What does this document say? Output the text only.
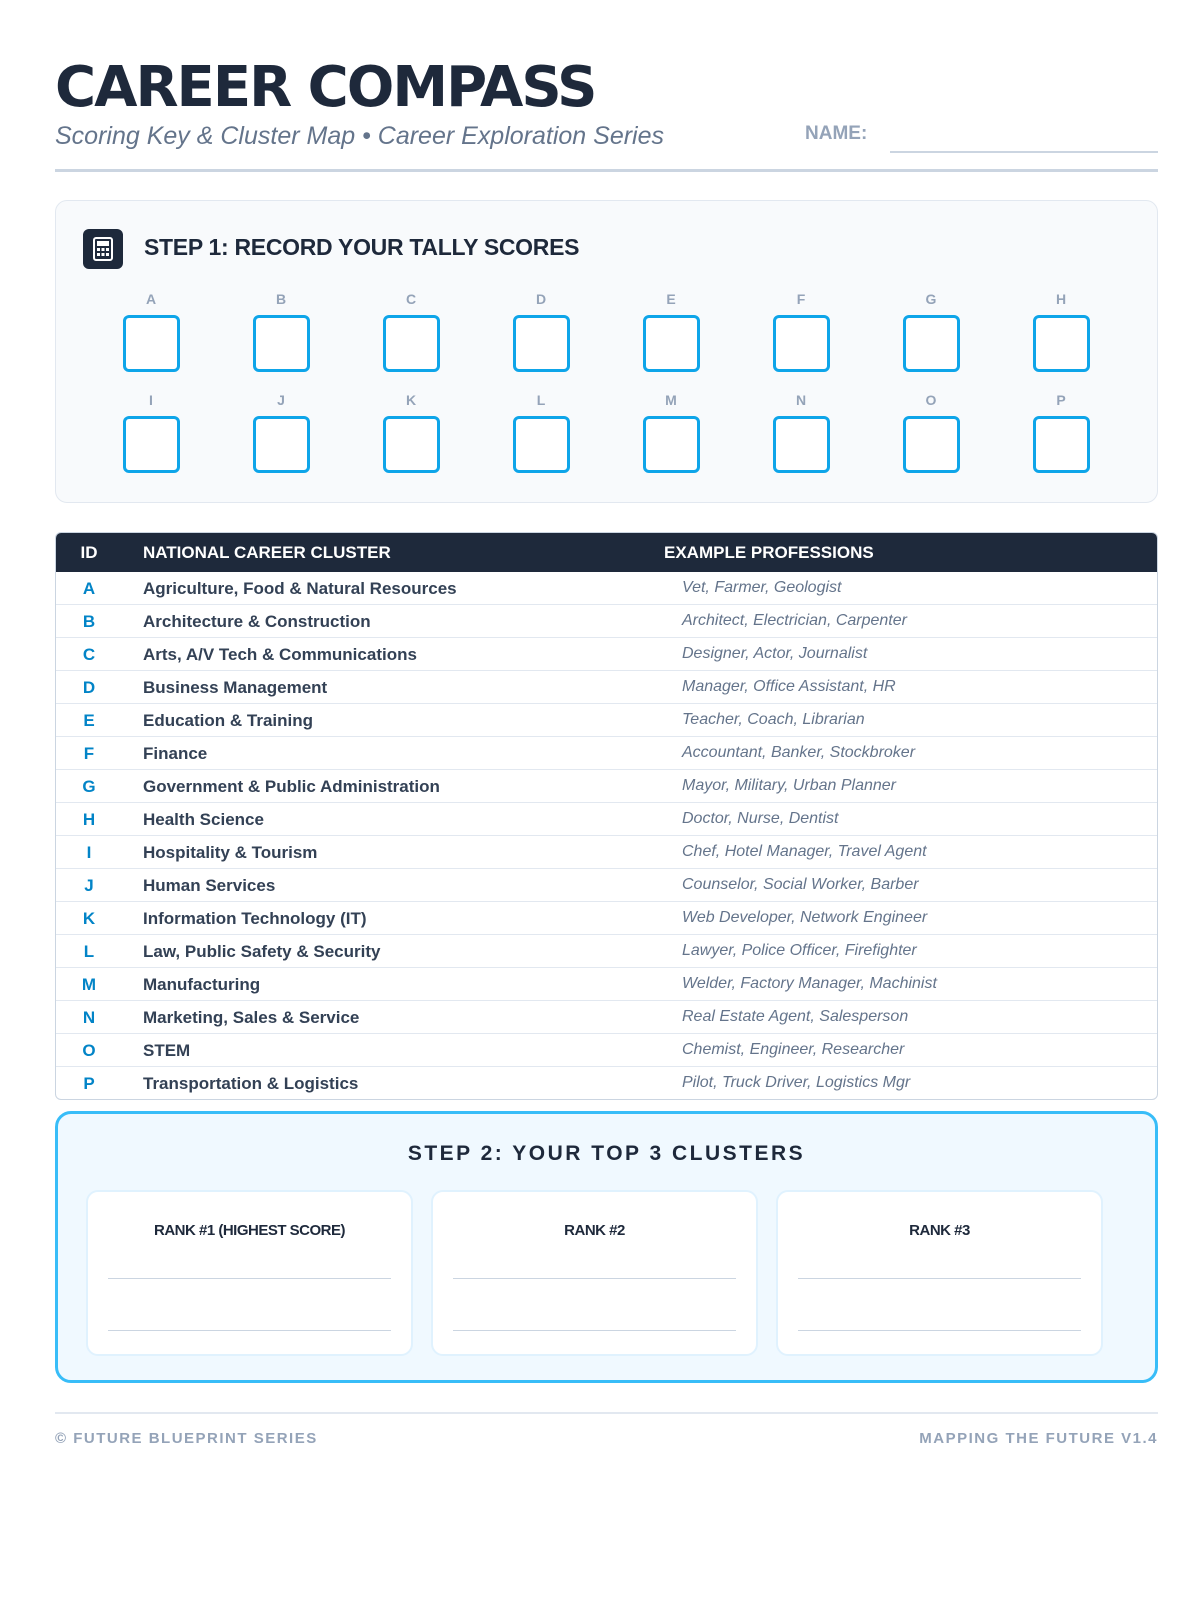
CAREER COMPASS
Scoring Key & Cluster Map • Career Exploration Series	NAME:
STEP 1: RECORD YOUR TALLY SCORES
A	B	C	D	E	F	G	H
I	J	K	L	M	N	O	P
ID	NATIONAL CAREER CLUSTER	EXAMPLE PROFESSIONS
A	Agriculture, Food & Natural Resources	Vet, Farmer, Geologist
B	Architecture & Construction	Architect, Electrician, Carpenter
C	Arts, A/V Tech & Communications	Designer, Actor, Journalist
D	Business Management	Manager, Office Assistant, HR
E	Education & Training	Teacher, Coach, Librarian
F	Finance	Accountant, Banker, Stockbroker
G	Government & Public Administration	Mayor, Military, Urban Planner
H	Health Science	Doctor, Nurse, Dentist
I	Hospitality & Tourism	Chef, Hotel Manager, Travel Agent
J	Human Services	Counselor, Social Worker, Barber
K	Information Technology (IT)	Web Developer, Network Engineer
L	Law, Public Safety & Security	Lawyer, Police Officer, Firefighter
M	Manufacturing	Welder, Factory Manager, Machinist
N	Marketing, Sales & Service	Real Estate Agent, Salesperson
O	STEM	Chemist, Engineer, Researcher
P	Transportation & Logistics	Pilot, Truck Driver, Logistics Mgr
STEP 2: YOUR TOP 3 CLUSTERS
RANK #1 (HIGHEST SCORE)	RANK #2	RANK #3
© FUTURE BLUEPRINT SERIES	MAPPING THE FUTURE V1.4
